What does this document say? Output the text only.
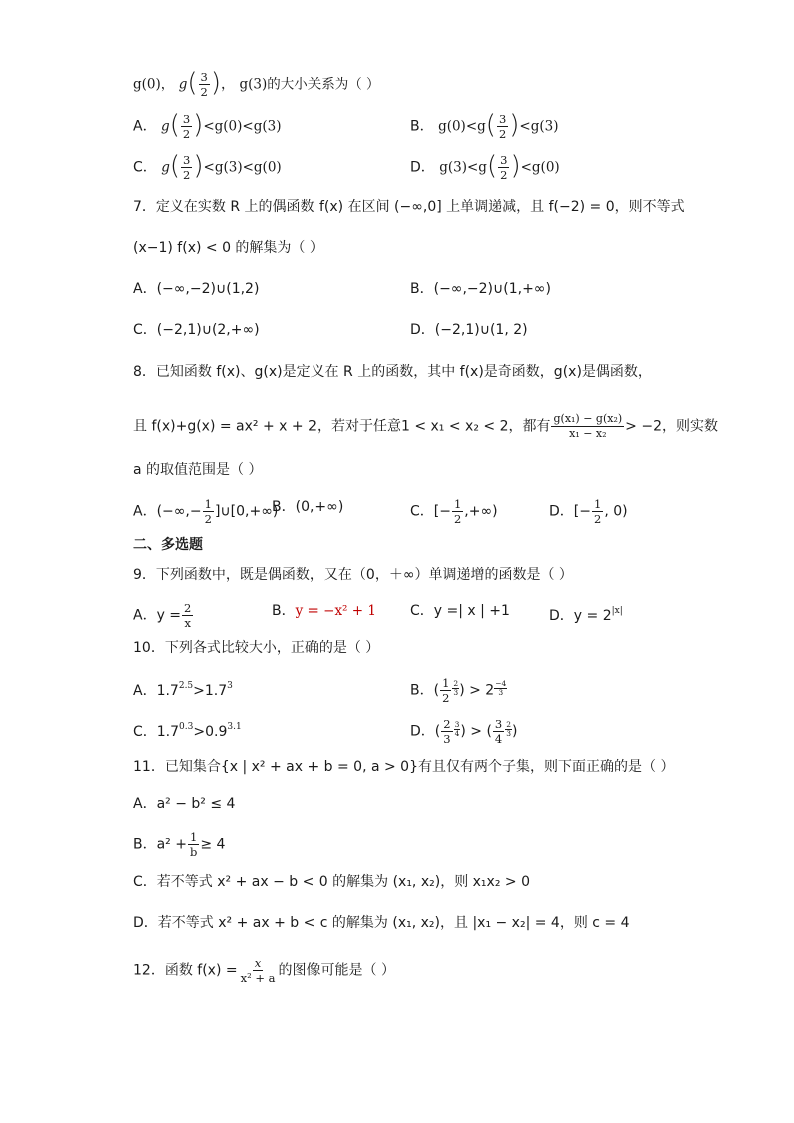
g(0)， $g( \frac{3}{2}$ )， g(3)的大小关系为（ ）
A． $g( \frac{3}{2} )<g(0)<g(3)$	B． $g(0)<g( \frac{3}{2} )<g(3)$
C． $g( \frac{3}{2} )<g(3)<g(0)$	D． $g(3)<g( \frac{3}{2} )<g(0)$
7．定义在实数 R 上的偶函数 f(x) 在区间 (−∞,0] 上单调递减，且 f(−2) = 0，则不等式
(x−1) f(x) < 0 的解集为（ ）
A．(−∞,−2)∪(1,2)	B．(−∞,−2)∪(1,+∞)
C．(−2,1)∪(2,+∞)	D．(−2,1)∪(1, 2)
8．已知函数 f(x)、g(x)是定义在 R 上的函数，其中 f(x)是奇函数，g(x)是偶函数，
且 f(x)+g(x) = ax² + x + 2，若对于任意1 < x₁ < x₂ < 2，都有 $\frac{\text{g(x₁) − g(x₂)}}{\text{x₁ − x₂}} > -2$，则实数
a 的取值范围是（ ）
A．(−∞,− $\frac{1}{2}$ ]∪[0,+∞)
B．(0,+∞)	C．[− $\frac{1}{2}$ ,+∞)	D．[− $\frac{1}{2}$ , 0)
二、多选题
9．下列函数中，既是偶函数，又在（0，＋∞）单调递增的函数是（ ）
A．$y = \frac{2}{x}$	B．y = −x² + 1 C．y =| x | +1	D．$y = 2^{|x|}$
10．下列各式比较大小，正确的是（ ）
A．$1.7^{2.5}>1.7^3$	B．( $\frac{1}{2} \frac{2}{3}$ ) > $2 \frac{-4}{3}$
C．$1.7^{0.3}>0.9^{3.1}$	D．( $\frac{2}{3} \frac{3}{4}$ ) > ( $\frac{3}{4} \frac{2}{3}$ )
11．已知集合{x | x² + ax + b = 0, a > 0}有且仅有两个子集，则下面正确的是（ ）
A．a² − b² ≤ 4
B．$a^2 + \frac{1}{b} \ge 4$
C．若不等式 x² + ax − b < 0 的解集为 (x₁, x₂)，则 x₁x₂ > 0
D．若不等式 x² + ax + b < c 的解集为 (x₁, x₂)，且 |x₁ − x₂| = 4，则 c = 4
12．函数 $f(x) = \frac{x}{\text{x² + a}}$ 的图像可能是（ ）
